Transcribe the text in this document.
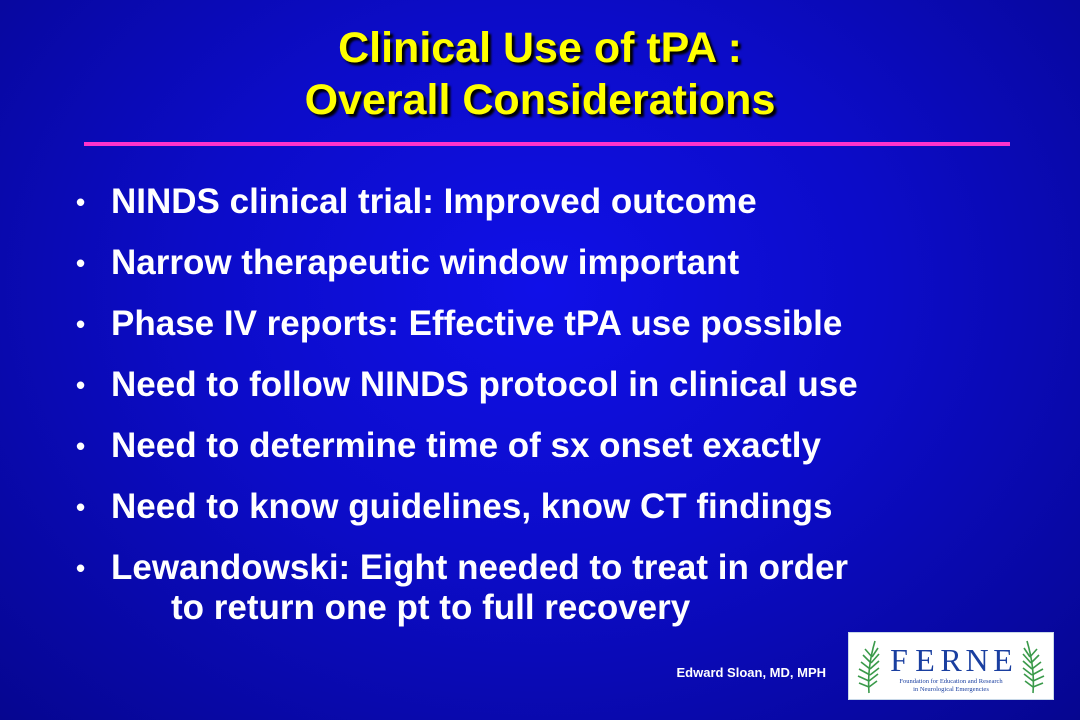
Clinical Use of tPA :
Overall Considerations
• NINDS clinical trial: Improved outcome
• Narrow therapeutic window important
• Phase IV reports: Effective tPA use possible
• Need to follow NINDS protocol in clinical use
• Need to determine time of sx onset exactly
• Need to know guidelines, know CT findings
• Lewandowski: Eight needed to treat in order
to return one pt to full recovery
Edward Sloan, MD, MPH F E R N E
Foundation for Education and Research
in Neurological Emergencies
